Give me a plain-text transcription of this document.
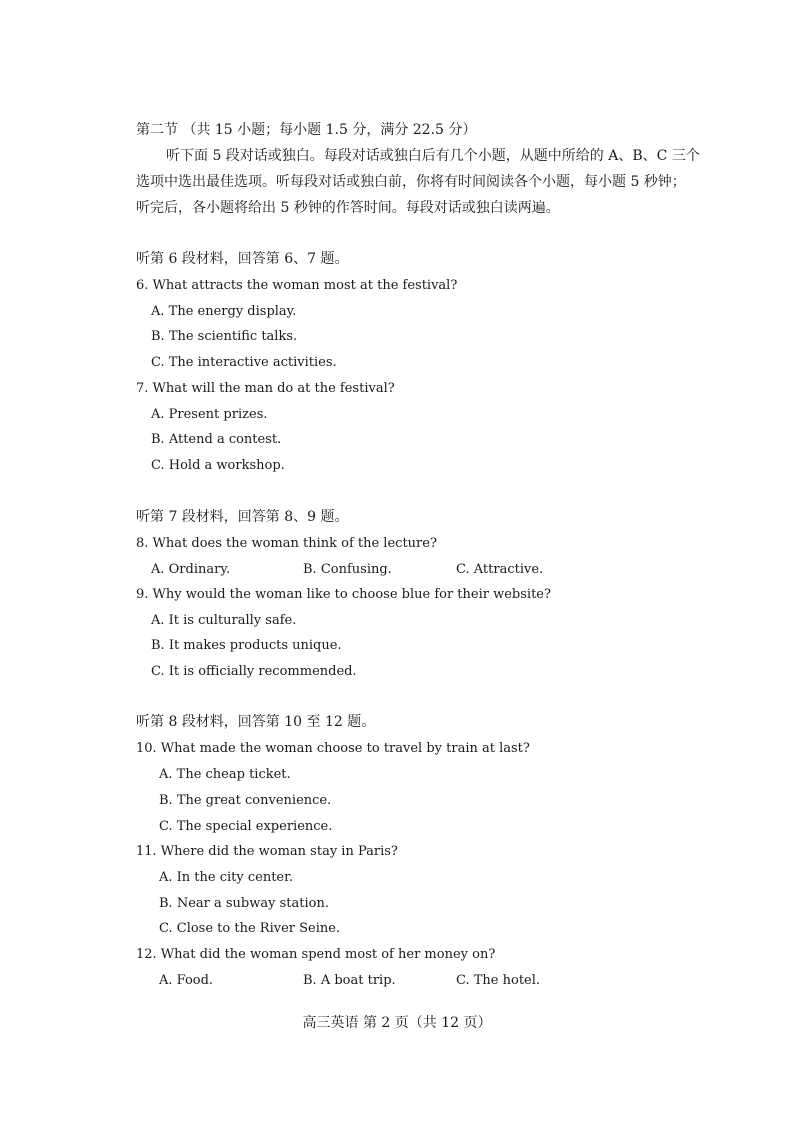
第二节 （共 15 小题；每小题 1.5 分，满分 22.5 分）
听下面 5 段对话或独白。每段对话或独白后有几个小题，从题中所给的 A、B、C 三个
选项中选出最佳选项。听每段对话或独白前，你将有时间阅读各个小题，每小题 5 秒钟；
听完后，各小题将给出 5 秒钟的作答时间。每段对话或独白读两遍。
听第 6 段材料，回答第 6、7 题。
6. What attracts the woman most at the festival?
A. The energy display.
B. The scientific talks.
C. The interactive activities.
7. What will the man do at the festival?
A. Present prizes.
B. Attend a contest.
C. Hold a workshop.
听第 7 段材料，回答第 8、9 题。
8. What does the woman think of the lecture?
A. Ordinary.	B. Confusing.	C. Attractive.
9. Why would the woman like to choose blue for their website?
A. It is culturally safe.
B. It makes products unique.
C. It is officially recommended.
听第 8 段材料，回答第 10 至 12 题。
10. What made the woman choose to travel by train at last?
A. The cheap ticket.
B. The great convenience.
C. The special experience.
11. Where did the woman stay in Paris?
A. In the city center.
B. Near a subway station.
C. Close to the River Seine.
12. What did the woman spend most of her money on?
A. Food.	B. A boat trip.	C. The hotel.
高三英语 第 2 页（共 12 页）
